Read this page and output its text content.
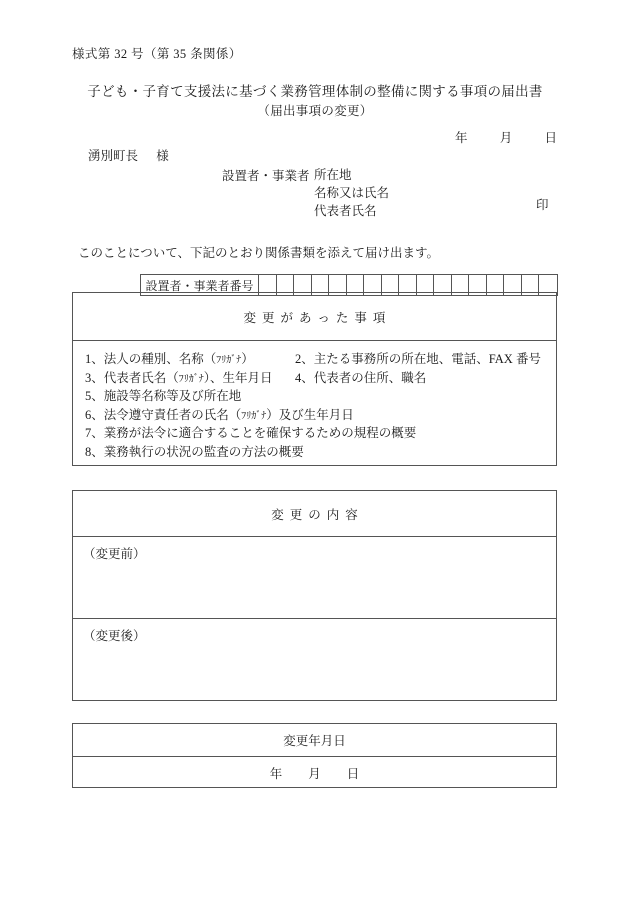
様式第 32 号（第 35 条関係）
子ども・子育て支援法に基づく業務管理体制の整備に関する事項の届出書
（届出事項の変更）
年	月	日
湧別町長 様
設置者・事業者 所在地
名称又は氏名
代表者氏名	印
このことについて、下記のとおり関係書類を添えて届け出ます。
設置者・事業者番号
変更があった事項
1、法人の種別、名称（ﾌﾘｶﾞﾅ）	2、主たる事務所の所在地、電話、FAX 番号
3、代表者氏名（ﾌﾘｶﾞﾅ）、生年月日 4、代表者の住所、職名
5、施設等名称等及び所在地
6、法令遵守責任者の氏名（ﾌﾘｶﾞﾅ）及び生年月日
7、業務が法令に適合することを確保するための規程の概要
8、業務執行の状況の監査の方法の概要
変更の内容
（変更前）
（変更後）
変更年月日
年 月 日
